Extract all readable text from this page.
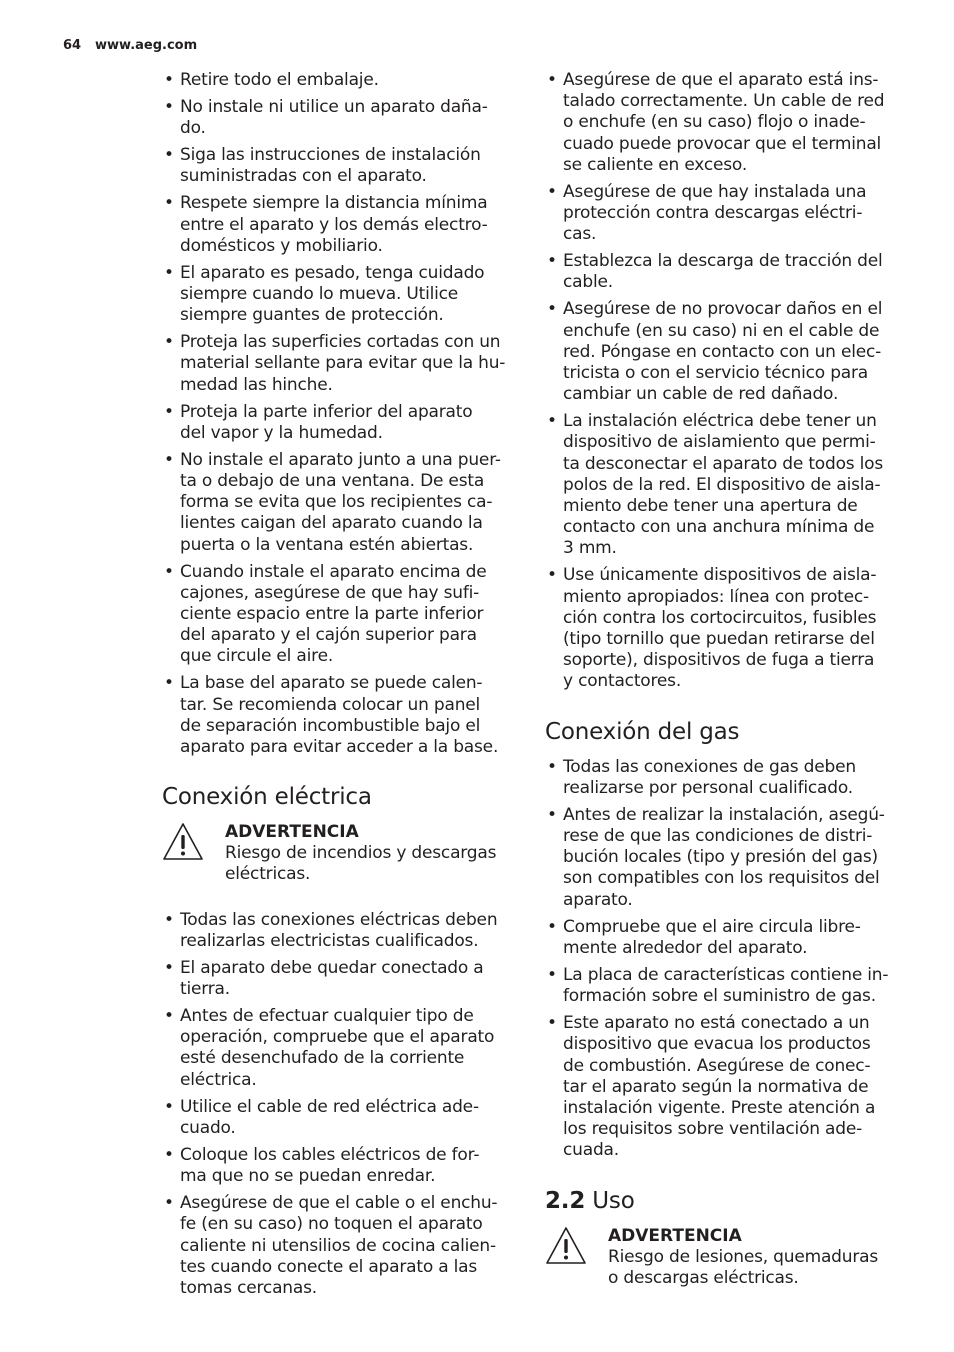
64 www.aeg.com
• Retire todo el embalaje.
• No instale ni utilice un aparato daña-
do.
• Siga las instrucciones de instalación
suministradas con el aparato.
• Respete siempre la distancia mínima
entre el aparato y los demás electro-
domésticos y mobiliario.
• El aparato es pesado, tenga cuidado
siempre cuando lo mueva. Utilice
siempre guantes de protección.
• Proteja las superficies cortadas con un
material sellante para evitar que la hu-
medad las hinche.
• Proteja la parte inferior del aparato
del vapor y la humedad.
• No instale el aparato junto a una puer-
ta o debajo de una ventana. De esta
forma se evita que los recipientes ca-
lientes caigan del aparato cuando la
puerta o la ventana estén abiertas.
• Cuando instale el aparato encima de
cajones, asegúrese de que hay sufi-
ciente espacio entre la parte inferior
del aparato y el cajón superior para
que circule el aire.
• La base del aparato se puede calen-
tar. Se recomienda colocar un panel
de separación incombustible bajo el
aparato para evitar acceder a la base.
Conexión eléctrica
ADVERTENCIA
Riesgo de incendios y descargas
eléctricas.
• Todas las conexiones eléctricas deben
realizarlas electricistas cualificados.
• El aparato debe quedar conectado a
tierra.
• Antes de efectuar cualquier tipo de
operación, compruebe que el aparato
esté desenchufado de la corriente
eléctrica.
• Utilice el cable de red eléctrica ade-
cuado.
• Coloque los cables eléctricos de for-
ma que no se puedan enredar.
• Asegúrese de que el cable o el enchu-
fe (en su caso) no toquen el aparato
caliente ni utensilios de cocina calien-
tes cuando conecte el aparato a las
tomas cercanas.
• Asegúrese de que el aparato está ins-
talado correctamente. Un cable de red
o enchufe (en su caso) flojo o inade-
cuado puede provocar que el terminal
se caliente en exceso.
• Asegúrese de que hay instalada una
protección contra descargas eléctri-
cas.
• Establezca la descarga de tracción del
cable.
• Asegúrese de no provocar daños en el
enchufe (en su caso) ni en el cable de
red. Póngase en contacto con un elec-
tricista o con el servicio técnico para
cambiar un cable de red dañado.
• La instalación eléctrica debe tener un
dispositivo de aislamiento que permi-
ta desconectar el aparato de todos los
polos de la red. El dispositivo de aisla-
miento debe tener una apertura de
contacto con una anchura mínima de
3 mm.
• Use únicamente dispositivos de aisla-
miento apropiados: línea con protec-
ción contra los cortocircuitos, fusibles
(tipo tornillo que puedan retirarse del
soporte), dispositivos de fuga a tierra
y contactores.
Conexión del gas
• Todas las conexiones de gas deben
realizarse por personal cualificado.
• Antes de realizar la instalación, asegú-
rese de que las condiciones de distri-
bución locales (tipo y presión del gas)
son compatibles con los requisitos del
aparato.
• Compruebe que el aire circula libre-
mente alrededor del aparato.
• La placa de características contiene in-
formación sobre el suministro de gas.
• Este aparato no está conectado a un
dispositivo que evacua los productos
de combustión. Asegúrese de conec-
tar el aparato según la normativa de
instalación vigente. Preste atención a
los requisitos sobre ventilación ade-
cuada.
2.2 Uso
ADVERTENCIA
Riesgo de lesiones, quemaduras
o descargas eléctricas.
